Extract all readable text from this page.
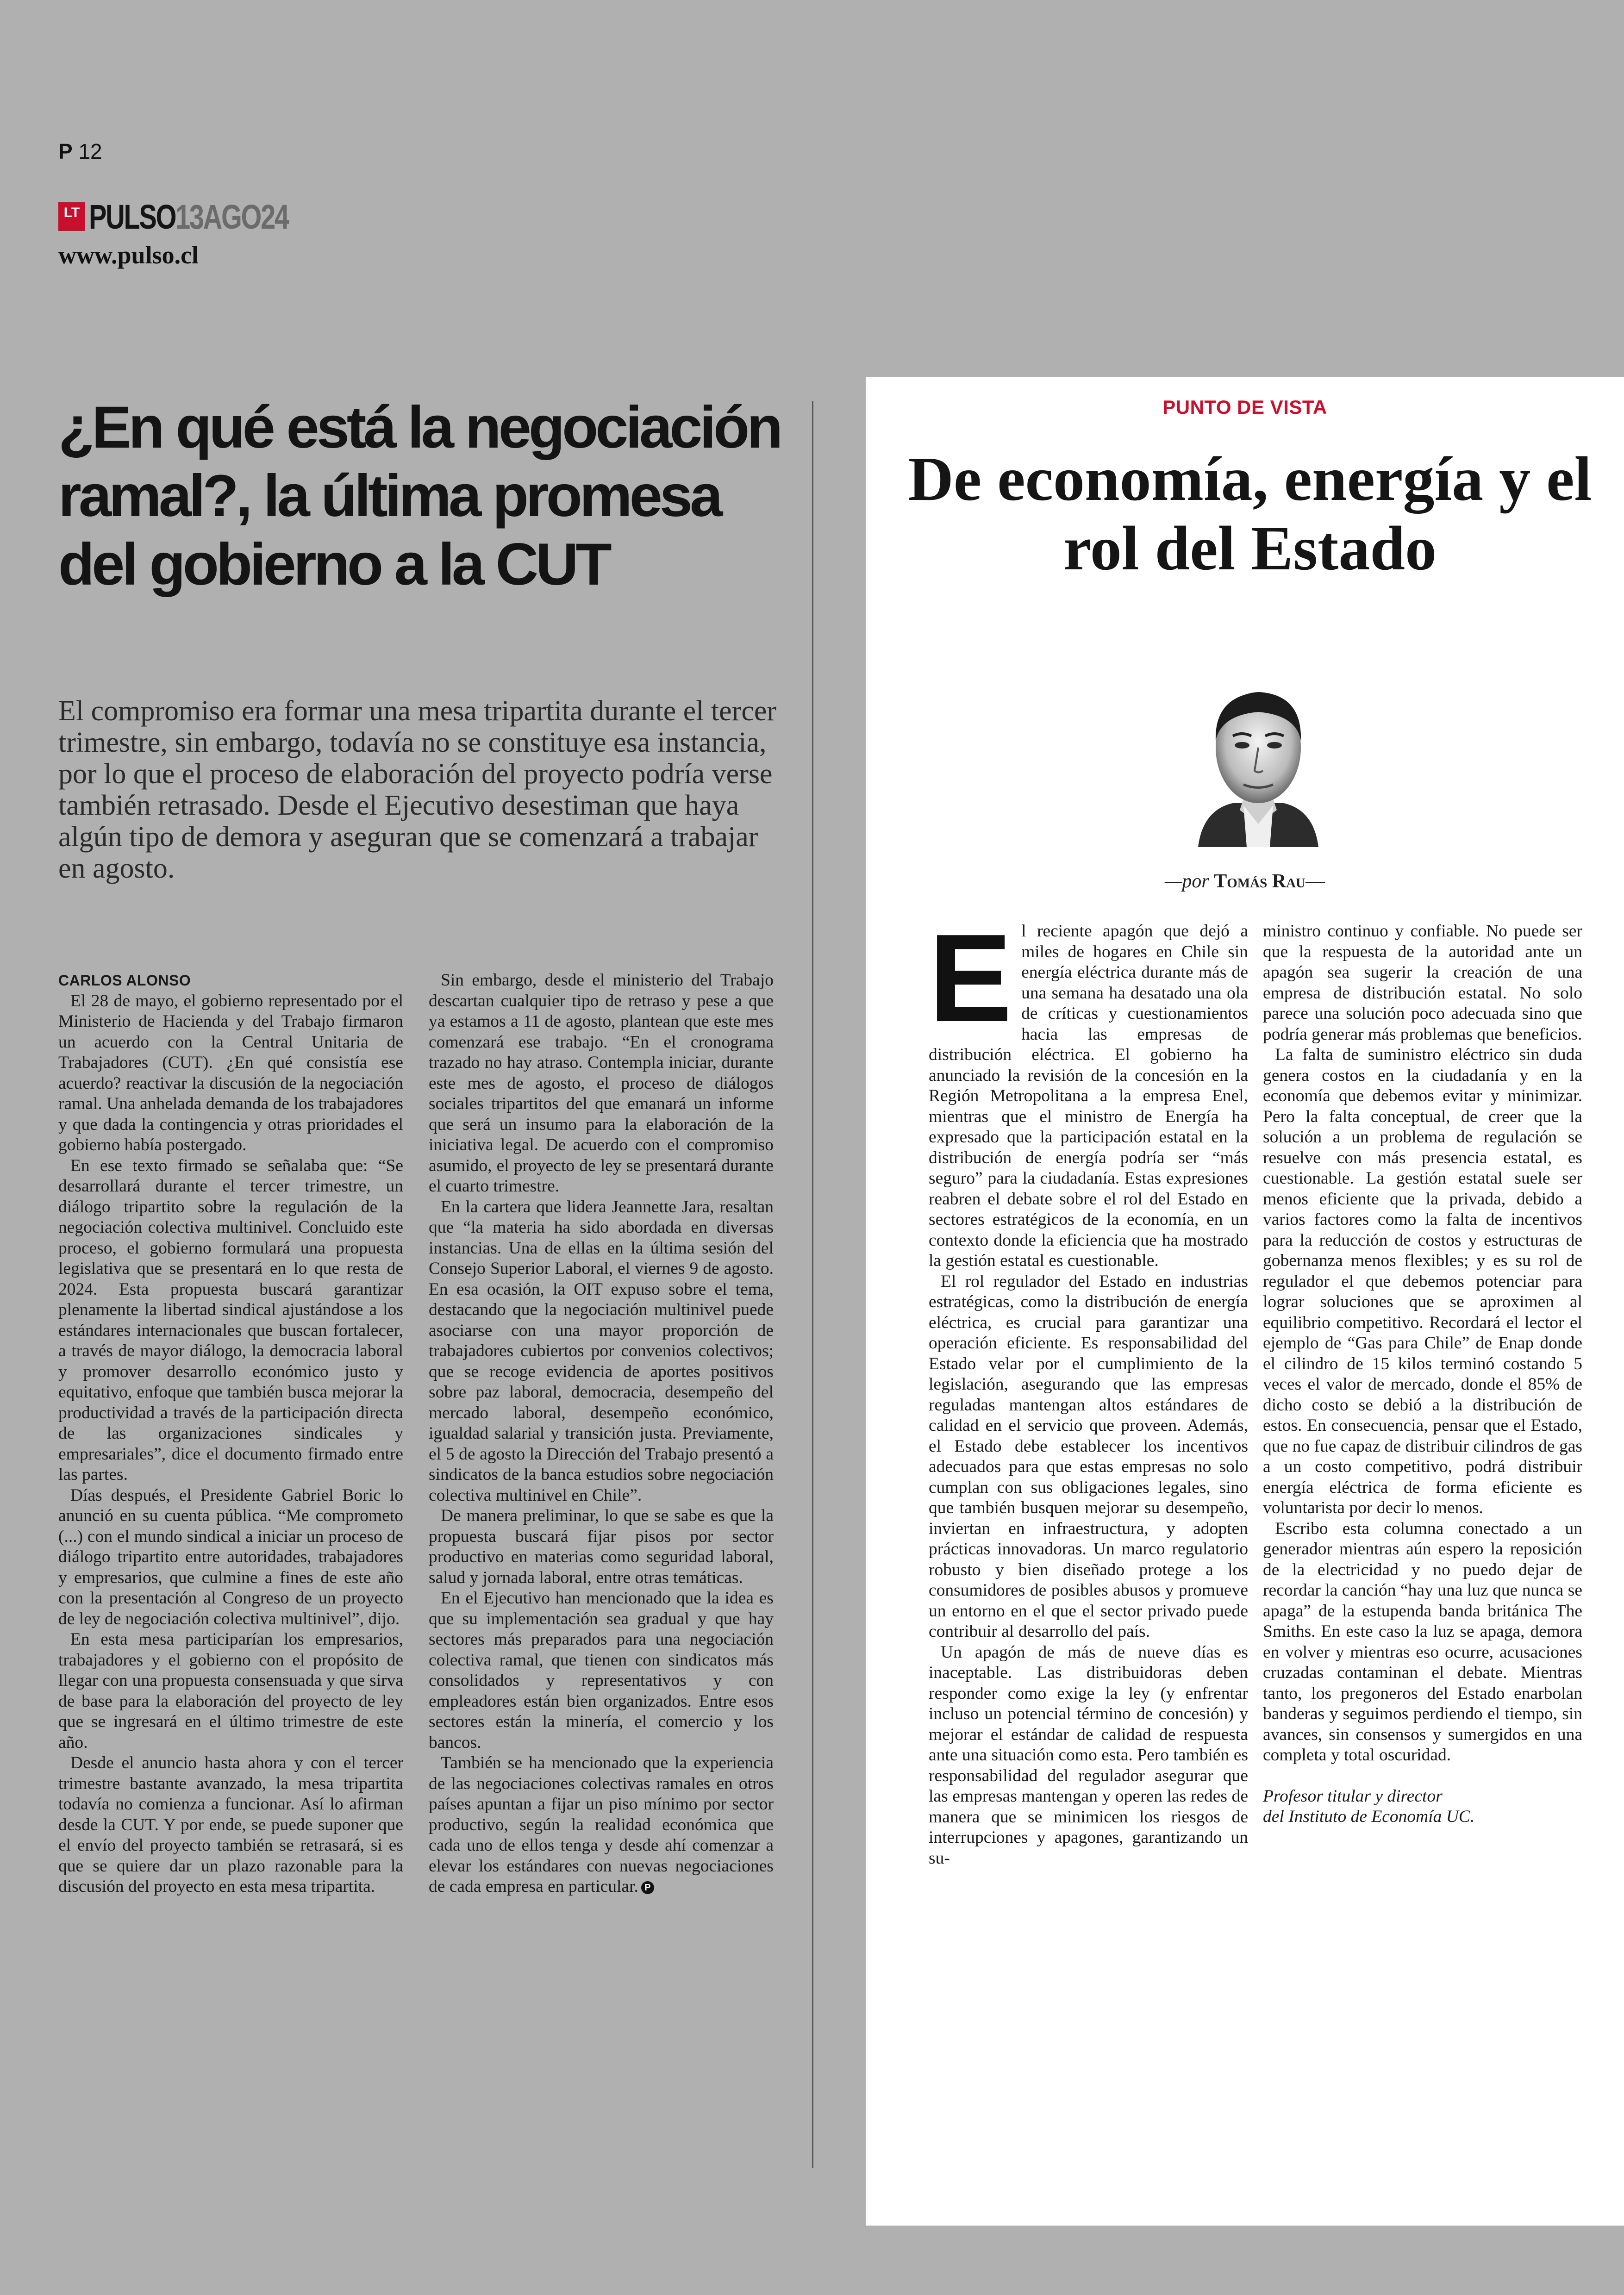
P 12
LT PULSO13AGO24
www.pulso.cl
¿En qué está la negociación ramal?, la última promesa del gobierno a la CUT

El compromiso era formar una mesa tripartita durante el tercer trimestre, sin embargo, todavía no se constituye esa instancia, por lo que el proceso de elaboración del proyecto podría verse también retrasado. Desde el Ejecutivo desestiman que haya algún tipo de demora y aseguran que se comenzará a trabajar en agosto.

CARLOS ALONSO

El 28 de mayo, el gobierno representado por el Ministerio de Hacienda y del Trabajo firmaron un acuerdo con la Central Unitaria de Trabajadores (CUT). ¿En qué consistía ese acuerdo? reactivar la discusión de la negociación ramal. Una anhelada demanda de los trabajadores y que dada la contingencia y otras prioridades el gobierno había postergado.

En ese texto firmado se señalaba que: “Se desarrollará durante el tercer trimestre, un diálogo tripartito sobre la regulación de la negociación colectiva multinivel. Concluido este proceso, el gobierno formulará una propuesta legislativa que se presentará en lo que resta de 2024. Esta propuesta buscará garantizar plenamente la libertad sindical ajustándose a los estándares internacionales que buscan fortalecer, a través de mayor diálogo, la democracia laboral y promover desarrollo económico justo y equitativo, enfoque que también busca mejorar la productividad a través de la participación directa de las organizaciones sindicales y empresariales”, dice el documento firmado entre las partes.

Días después, el Presidente Gabriel Boric lo anunció en su cuenta pública. “Me comprometo (...) con el mundo sindical a iniciar un proceso de diálogo tripartito entre autoridades, trabajadores y empresarios, que culmine a fines de este año con la presentación al Congreso de un proyecto de ley de negociación colectiva multinivel”, dijo.

En esta mesa participarían los empresarios, trabajadores y el gobierno con el propósito de llegar con una propuesta consensuada y que sirva de base para la elaboración del proyecto de ley que se ingresará en el último trimestre de este año.

Desde el anuncio hasta ahora y con el tercer trimestre bastante avanzado, la mesa tripartita todavía no comienza a funcionar. Así lo afirman desde la CUT. Y por ende, se puede suponer que el envío del proyecto también se retrasará, si es que se quiere dar un plazo razonable para la discusión del proyecto en esta mesa tripartita.

Sin embargo, desde el ministerio del Trabajo descartan cualquier tipo de retraso y pese a que ya estamos a 11 de agosto, plantean que este mes comenzará ese trabajo. “En el cronograma trazado no hay atraso. Contempla iniciar, durante este mes de agosto, el proceso de diálogos sociales tripartitos del que emanará un informe que será un insumo para la elaboración de la iniciativa legal. De acuerdo con el compromiso asumido, el proyecto de ley se presentará durante el cuarto trimestre.

En la cartera que lidera Jeannette Jara, resaltan que “la materia ha sido abordada en diversas instancias. Una de ellas en la última sesión del Consejo Superior Laboral, el viernes 9 de agosto. En esa ocasión, la OIT expuso sobre el tema, destacando que la negociación multinivel puede asociarse con una mayor proporción de trabajadores cubiertos por convenios colectivos; que se recoge evidencia de aportes positivos sobre paz laboral, democracia, desempeño del mercado laboral, desempeño económico, igualdad salarial y transición justa. Previamente, el 5 de agosto la Dirección del Trabajo presentó a sindicatos de la banca estudios sobre negociación colectiva multinivel en Chile”.

De manera preliminar, lo que se sabe es que la propuesta buscará fijar pisos por sector productivo en materias como seguridad laboral, salud y jornada laboral, entre otras temáticas.

En el Ejecutivo han mencionado que la idea es que su implementación sea gradual y que hay sectores más preparados para una negociación colectiva ramal, que tienen con sindicatos más consolidados y representativos y con empleadores están bien organizados. Entre esos sectores están la minería, el comercio y los bancos.

También se ha mencionado que la experiencia de las negociaciones colectivas ramales en otros países apuntan a fijar un piso mínimo por sector productivo, según la realidad económica que cada uno de ellos tenga y desde ahí comenzar a elevar los estándares con nuevas negociaciones de cada empresa en particular. P

PUNTO DE VISTA
De economía, energía y el rol del Estado
—por Tomás Rau—

El reciente apagón que dejó a miles de hogares en Chile sin energía eléctrica durante más de una semana ha desatado una ola de críticas y cuestionamientos hacia las empresas de distribución eléctrica. El gobierno ha anunciado la revisión de la concesión en la Región Metropolitana a la empresa Enel, mientras que el ministro de Energía ha expresado que la participación estatal en la distribución de energía podría ser “más seguro” para la ciudadanía. Estas expresiones reabren el debate sobre el rol del Estado en sectores estratégicos de la economía, en un contexto donde la eficiencia que ha mostrado la gestión estatal es cuestionable.

El rol regulador del Estado en industrias estratégicas, como la distribución de energía eléctrica, es crucial para garantizar una operación eficiente. Es responsabilidad del Estado velar por el cumplimiento de la legislación, asegurando que las empresas reguladas mantengan altos estándares de calidad en el servicio que proveen. Además, el Estado debe establecer los incentivos adecuados para que estas empresas no solo cumplan con sus obligaciones legales, sino que también busquen mejorar su desempeño, inviertan en infraestructura, y adopten prácticas innovadoras. Un marco regulatorio robusto y bien diseñado protege a los consumidores de posibles abusos y promueve un entorno en el que el sector privado puede contribuir al desarrollo del país.

Un apagón de más de nueve días es inaceptable. Las distribuidoras deben responder como exige la ley (y enfrentar incluso un potencial término de concesión) y mejorar el estándar de calidad de respuesta ante una situación como esta. Pero también es responsabilidad del regulador asegurar que las empresas mantengan y operen las redes de manera que se minimicen los riesgos de interrupciones y apagones, garantizando un su-

ministro continuo y confiable. No puede ser que la respuesta de la autoridad ante un apagón sea sugerir la creación de una empresa de distribución estatal. No solo parece una solución poco adecuada sino que podría generar más problemas que beneficios.

La falta de suministro eléctrico sin duda genera costos en la ciudadanía y en la economía que debemos evitar y minimizar. Pero la falta conceptual, de creer que la solución a un problema de regulación se resuelve con más presencia estatal, es cuestionable. La gestión estatal suele ser menos eficiente que la privada, debido a varios factores como la falta de incentivos para la reducción de costos y estructuras de gobernanza menos flexibles; y es su rol de regulador el que debemos potenciar para lograr soluciones que se aproximen al equilibrio competitivo. Recordará el lector el ejemplo de “Gas para Chile” de Enap donde el cilindro de 15 kilos terminó costando 5 veces el valor de mercado, donde el 85% de dicho costo se debió a la distribución de estos. En consecuencia, pensar que el Estado, que no fue capaz de distribuir cilindros de gas a un costo competitivo, podrá distribuir energía eléctrica de forma eficiente es voluntarista por decir lo menos.

Escribo esta columna conectado a un generador mientras aún espero la reposición de la electricidad y no puedo dejar de recordar la canción “hay una luz que nunca se apaga” de la estupenda banda británica The Smiths. En este caso la luz se apaga, demora en volver y mientras eso ocurre, acusaciones cruzadas contaminan el debate. Mientras tanto, los pregoneros del Estado enarbolan banderas y seguimos perdiendo el tiempo, sin avances, sin consensos y sumergidos en una completa y total oscuridad.

Profesor titular y director
del Instituto de Economía UC.
